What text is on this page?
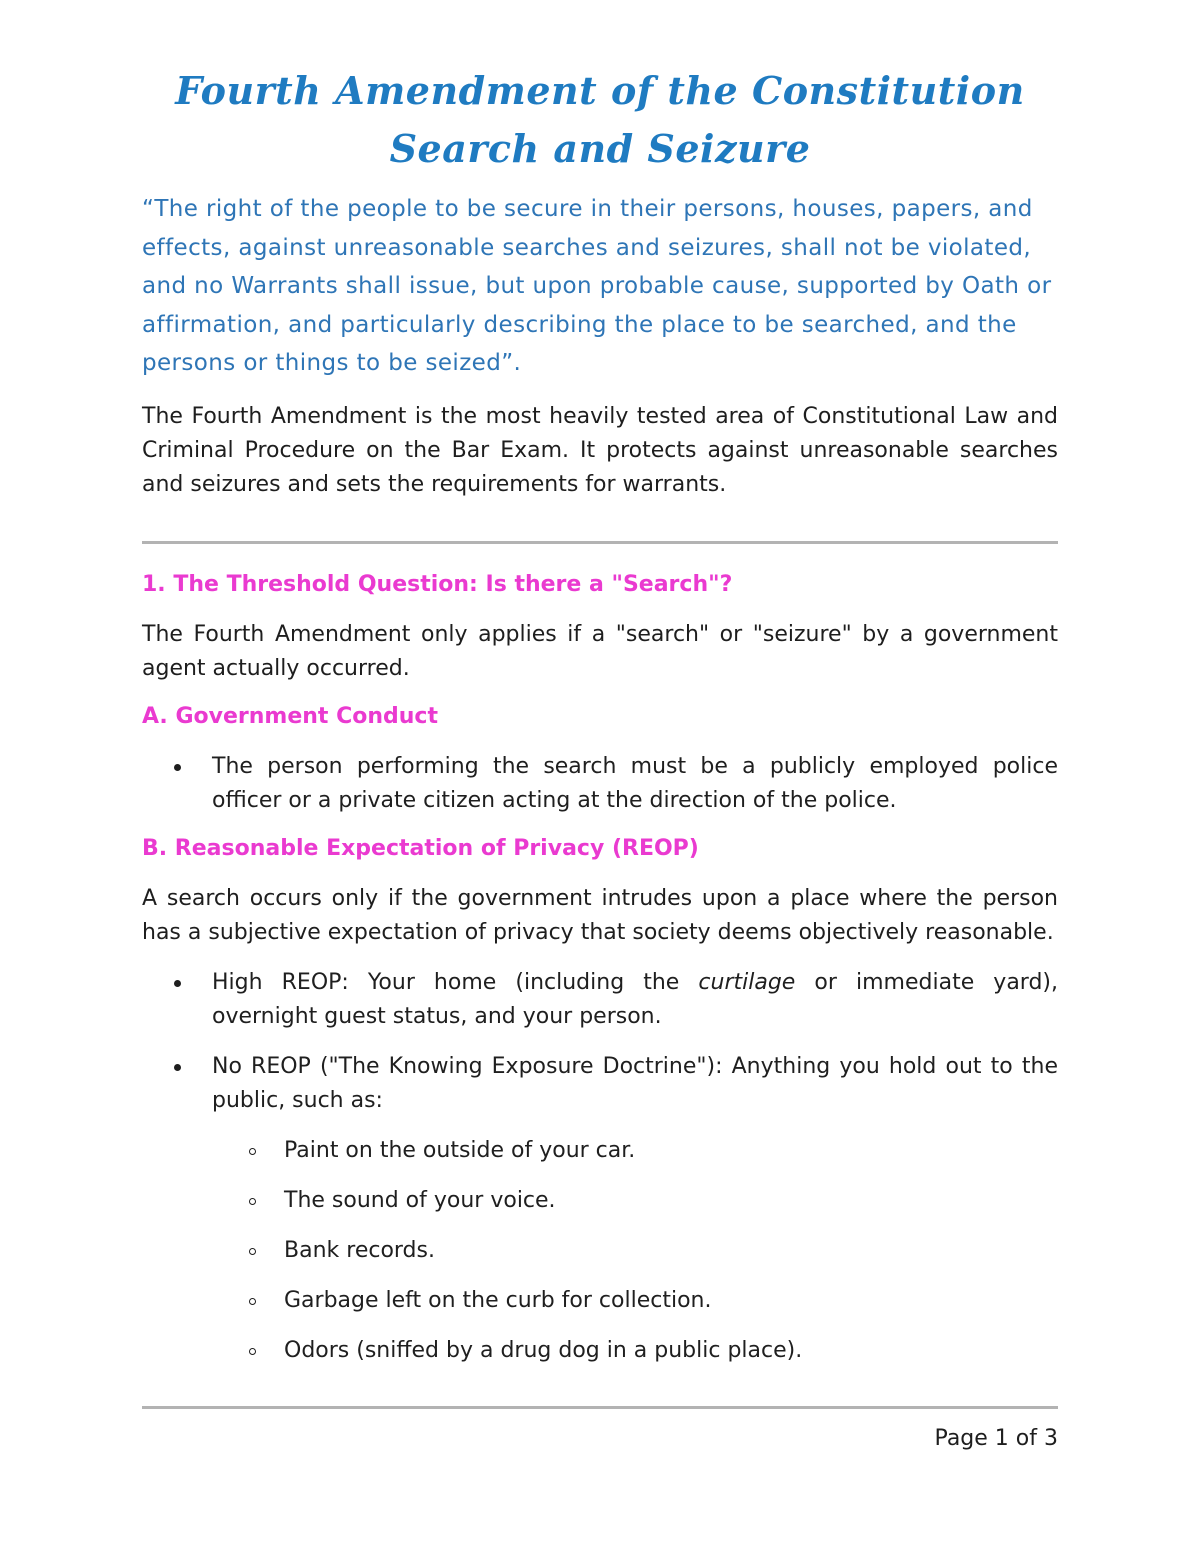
Fourth Amendment of the Constitution
Search and Seizure

“The right of the people to be secure in their persons, houses, papers, and effects, against unreasonable searches and seizures, shall not be violated, and no Warrants shall issue, but upon probable cause, supported by Oath or affirmation, and particularly describing the place to be searched, and the persons or things to be seized”.

The Fourth Amendment is the most heavily tested area of Constitutional Law and Criminal Procedure on the Bar Exam. It protects against unreasonable searches and seizures and sets the requirements for warrants.

1. The Threshold Question: Is there a "Search"?

The Fourth Amendment only applies if a "search" or "seizure" by a government agent actually occurred.

A. Government Conduct
The person performing the search must be a publicly employed police officer or a private citizen acting at the direction of the police.
B. Reasonable Expectation of Privacy (REOP)

A search occurs only if the government intrudes upon a place where the person has a subjective expectation of privacy that society deems objectively reasonable.

High REOP: Your home (including the curtilage or immediate yard), overnight guest status, and your person.
No REOP ("The Knowing Exposure Doctrine"): Anything you hold out to the public, such as:
Paint on the outside of your car.
The sound of your voice.
Bank records.
Garbage left on the curb for collection.
Odors (sniffed by a drug dog in a public place).
Page 1 of 3
